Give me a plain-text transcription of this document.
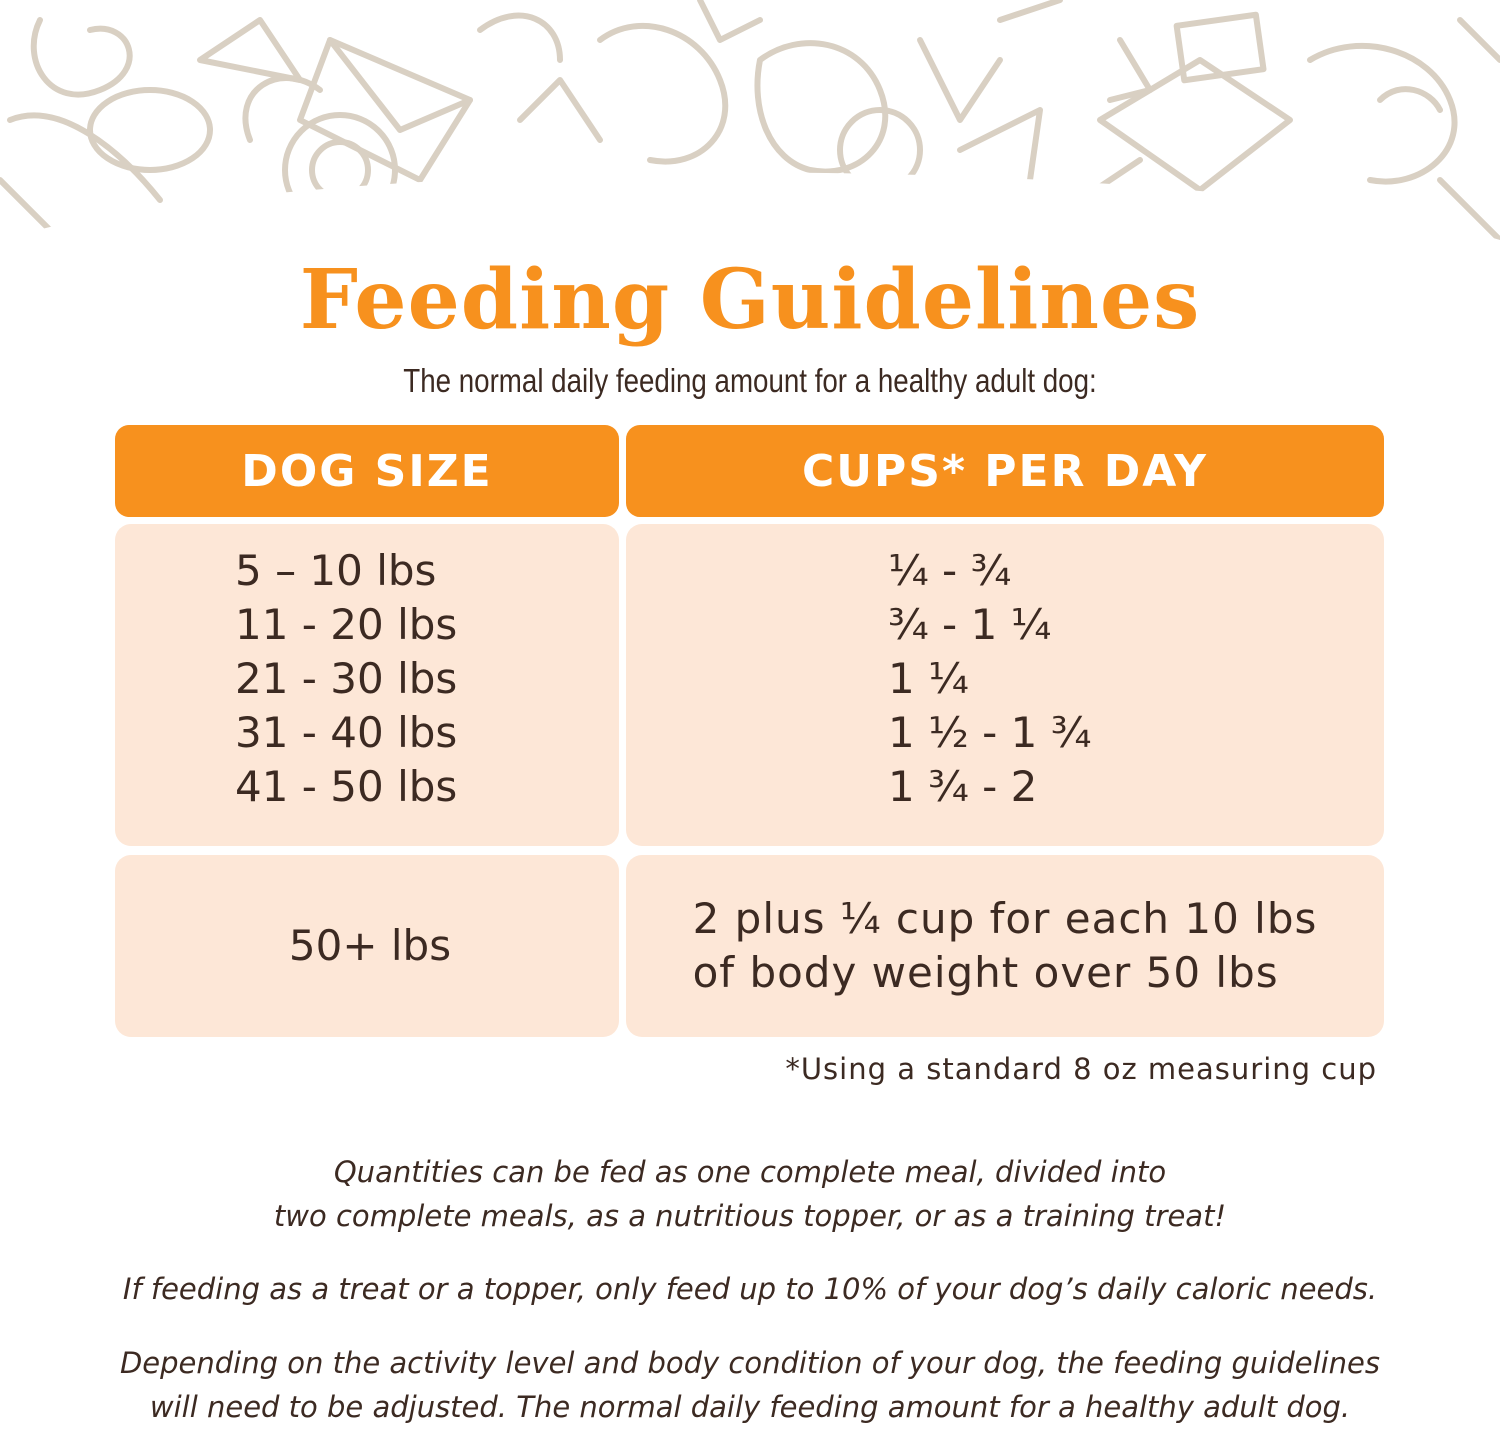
Feeding Guidelines
The normal daily feeding amount for a healthy adult dog:
DOG SIZE	CUPS* PER DAY
5 – 10 lbs
11 - 20 lbs
21 - 30 lbs
31 - 40 lbs
41 - 50 lbs
¼ - ¾
¾ - 1 ¼
1 ¼
1 ½ - 1 ¾
1 ¾ - 2
50+ lbs
2 plus ¼ cup for each 10 lbs
of body weight over 50 lbs
*Using a standard 8 oz measuring cup
Quantities can be fed as one complete meal, divided into
two complete meals, as a nutritious topper, or as a training treat!
If feeding as a treat or a topper, only feed up to 10% of your dog’s daily caloric needs.
Depending on the activity level and body condition of your dog, the feeding guidelines
will need to be adjusted. The normal daily feeding amount for a healthy adult dog.
